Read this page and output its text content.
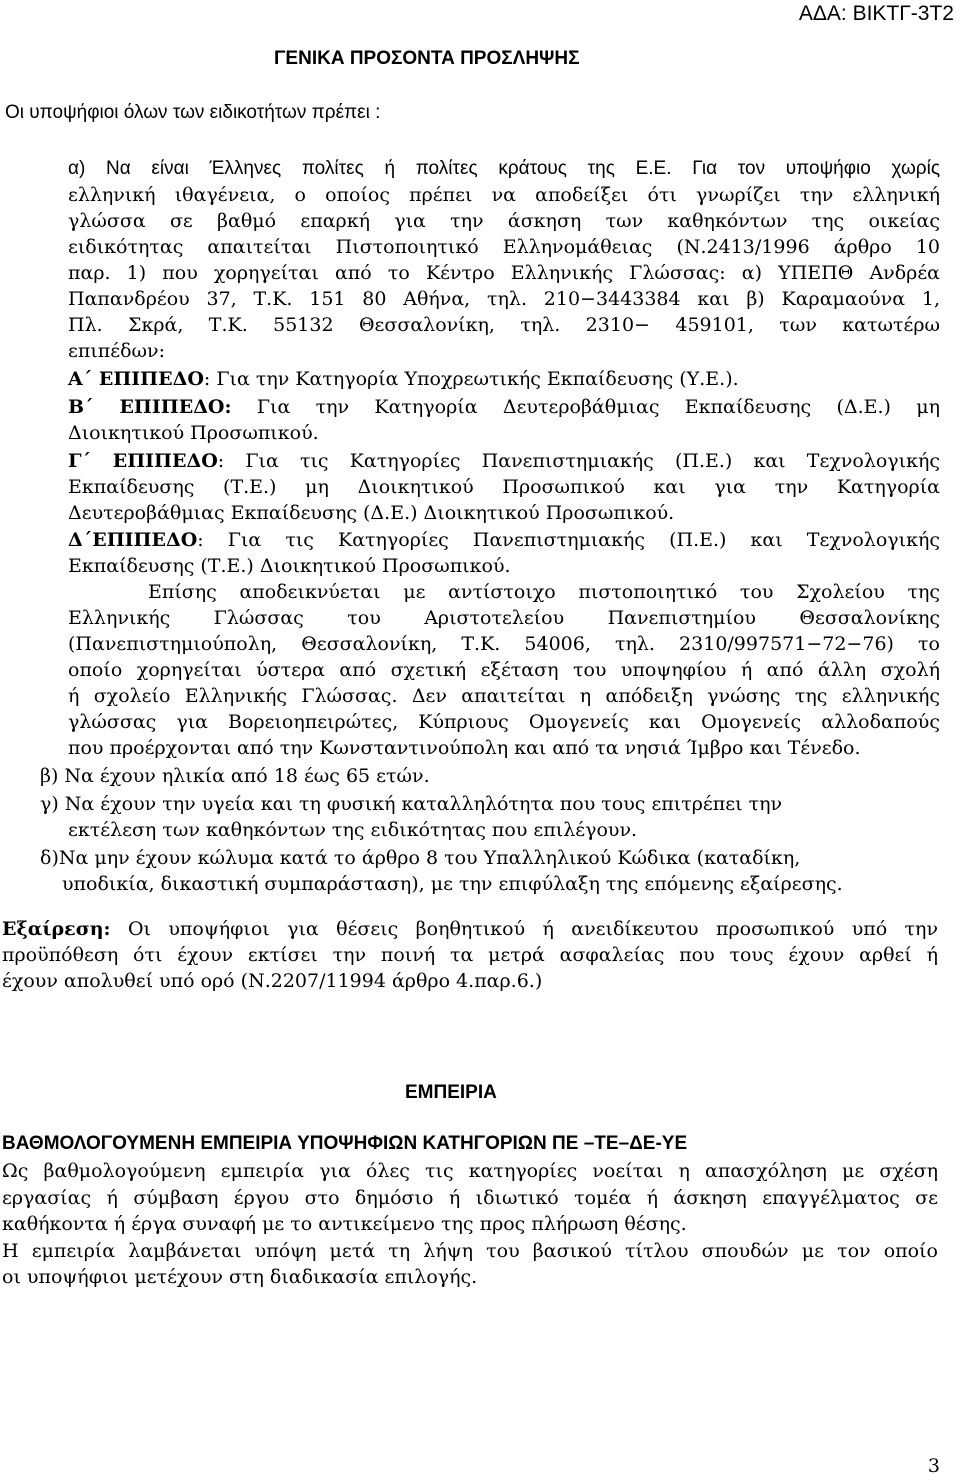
ΑΔΑ: ΒΙΚΤΓ-3Τ2
ΓΕΝΙΚΑ ΠΡΟΣΟΝΤΑ ΠΡΟΣΛΗΨΗΣ
Οι υποψήφιοι όλων των ειδικοτήτων πρέπει :
α) Να είναι Έλληνες πολίτες ή πολίτες κράτους της Ε.Ε. Για τον υποψήφιο χωρίς
ελληνική ιθαγένεια, ο οποίος πρέπει να αποδείξει ότι γνωρίζει την ελληνική
γλώσσα σε βαθμό επαρκή για την άσκηση των καθηκόντων της οικείας
ειδικότητας απαιτείται Πιστοποιητικό Ελληνομάθειας (Ν.2413/1996 άρθρο 10
παρ. 1) που χορηγείται από το Κέντρο Ελληνικής Γλώσσας: α) ΥΠΕΠΘ Ανδρέα
Παπανδρέου 37, Τ.Κ. 151 80 Αθήνα, τηλ. 210−3443384 και β) Καραμαούνα 1,
Πλ. Σκρά, Τ.Κ. 55132 Θεσσαλονίκη, τηλ. 2310− 459101, των κατωτέρω
επιπέδων:
Α΄ ΕΠΙΠΕΔΟ: Για την Κατηγορία Υποχρεωτικής Εκπαίδευσης (Υ.Ε.).
Β΄ ΕΠΙΠΕΔΟ: Για την Κατηγορία Δευτεροβάθμιας Εκπαίδευσης (Δ.Ε.) μη
Διοικητικού Προσωπικού.
Γ΄ ΕΠΙΠΕΔΟ: Για τις Κατηγορίες Πανεπιστημιακής (Π.Ε.) και Τεχνολογικής
Εκπαίδευσης (Τ.Ε.) μη Διοικητικού Προσωπικού και για την Κατηγορία
Δευτεροβάθμιας Εκπαίδευσης (Δ.Ε.) Διοικητικού Προσωπικού.
Δ΄ΕΠΙΠΕΔΟ: Για τις Κατηγορίες Πανεπιστημιακής (Π.Ε.) και Τεχνολογικής
Εκπαίδευσης (Τ.Ε.) Διοικητικού Προσωπικού.
Επίσης αποδεικνύεται με αντίστοιχο πιστοποιητικό του Σχολείου της
Ελληνικής Γλώσσας του Αριστοτελείου Πανεπιστημίου Θεσσαλονίκης
(Πανεπιστημιούπολη, Θεσσαλονίκη, Τ.Κ. 54006, τηλ. 2310/997571−72−76) το
οποίο χορηγείται ύστερα από σχετική εξέταση του υποψηφίου ή από άλλη σχολή
ή σχολείο Ελληνικής Γλώσσας. Δεν απαιτείται η απόδειξη γνώσης της ελληνικής
γλώσσας για Βορειοηπειρώτες, Κύπριους Ομογενείς και Ομογενείς αλλοδαπούς
που προέρχονται από την Κωνσταντινούπολη και από τα νησιά Ίμβρο και Τένεδο.
β) Να έχουν ηλικία από 18 έως 65 ετών.
γ) Να έχουν την υγεία και τη φυσική καταλληλότητα που τους επιτρέπει την
εκτέλεση των καθηκόντων της ειδικότητας που επιλέγουν.
δ)Να μην έχουν κώλυμα κατά το άρθρο 8 του Υπαλληλικού Κώδικα (καταδίκη,
υποδικία, δικαστική συμπαράσταση), με την επιφύλαξη της επόμενης εξαίρεσης.
Εξαίρεση: Οι υποψήφιοι για θέσεις βοηθητικού ή ανειδίκευτου προσωπικού υπό την
προϋπόθεση ότι έχουν εκτίσει την ποινή τα μετρά ασφαλείας που τους έχουν αρθεί ή
έχουν απολυθεί υπό ορό (Ν.2207/11994 άρθρο 4.παρ.6.)
ΕΜΠΕΙΡΙΑ
ΒΑΘΜΟΛΟΓΟΥΜΕΝΗ ΕΜΠΕΙΡΙΑ ΥΠΟΨΗΦΙΩΝ ΚΑΤΗΓΟΡΙΩΝ ΠΕ –ΤΕ–ΔΕ-ΥΕ
Ως βαθμολογούμενη εμπειρία για όλες τις κατηγορίες νοείται η απασχόληση με σχέση
εργασίας ή σύμβαση έργου στο δημόσιο ή ιδιωτικό τομέα ή άσκηση επαγγέλματος σε
καθήκοντα ή έργα συναφή με το αντικείμενο της προς πλήρωση θέσης.
Η εμπειρία λαμβάνεται υπόψη μετά τη λήψη του βασικού τίτλου σπουδών με τον οποίο
οι υποψήφιοι μετέχουν στη διαδικασία επιλογής.
3
